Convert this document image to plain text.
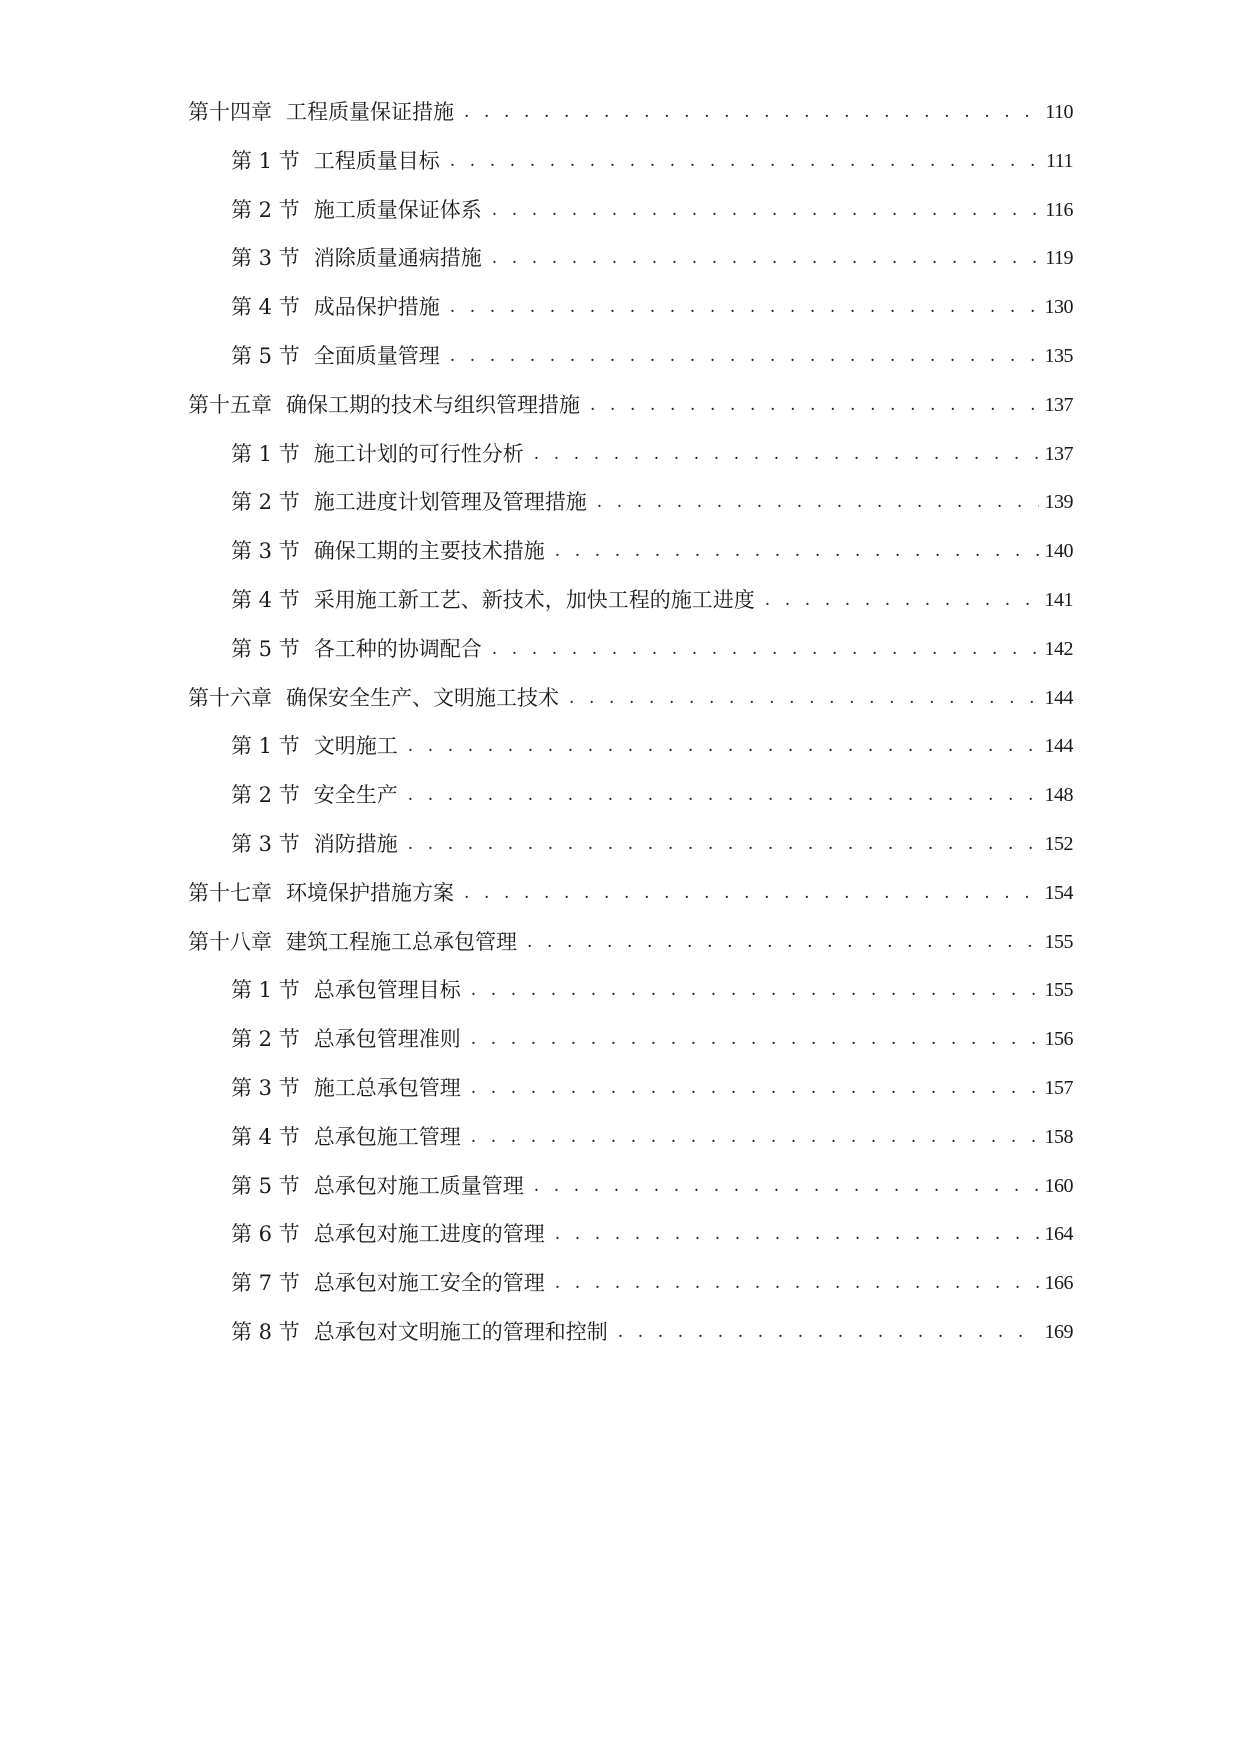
第十四章 工程质量保证措施 . . .	110
第 1 节 工程质量目标 . . .	111
第 2 节 施工质量保证体系 . . .	116
第 3 节 消除质量通病措施 . . .	119
第 4 节 成品保护措施 . . .	130
第 5 节 全面质量管理 . . .	135
第十五章 确保工期的技术与组织管理措施 . . .	137
第 1 节 施工计划的可行性分析 . . .	137
第 2 节 施工进度计划管理及管理措施 . . .	139
第 3 节 确保工期的主要技术措施 . . .	140
第 4 节 采用施工新工艺、新技术，加快工程的施工进度 . . .	141
第 5 节 各工种的协调配合 . . .	142
第十六章 确保安全生产、文明施工技术 . . .	144
第 1 节 文明施工 . . .	144
第 2 节 安全生产 . . .	148
第 3 节 消防措施 . . .	152
第十七章 环境保护措施方案 . . .	154
第十八章 建筑工程施工总承包管理 . . .	155
第 1 节 总承包管理目标 . . .	155
第 2 节 总承包管理准则 . . .	156
第 3 节 施工总承包管理 . . .	157
第 4 节 总承包施工管理 . . .	158
第 5 节 总承包对施工质量管理 . . .	160
第 6 节 总承包对施工进度的管理 . . .	164
第 7 节 总承包对施工安全的管理 . . .	166
第 8 节 总承包对文明施工的管理和控制 . . .	169
